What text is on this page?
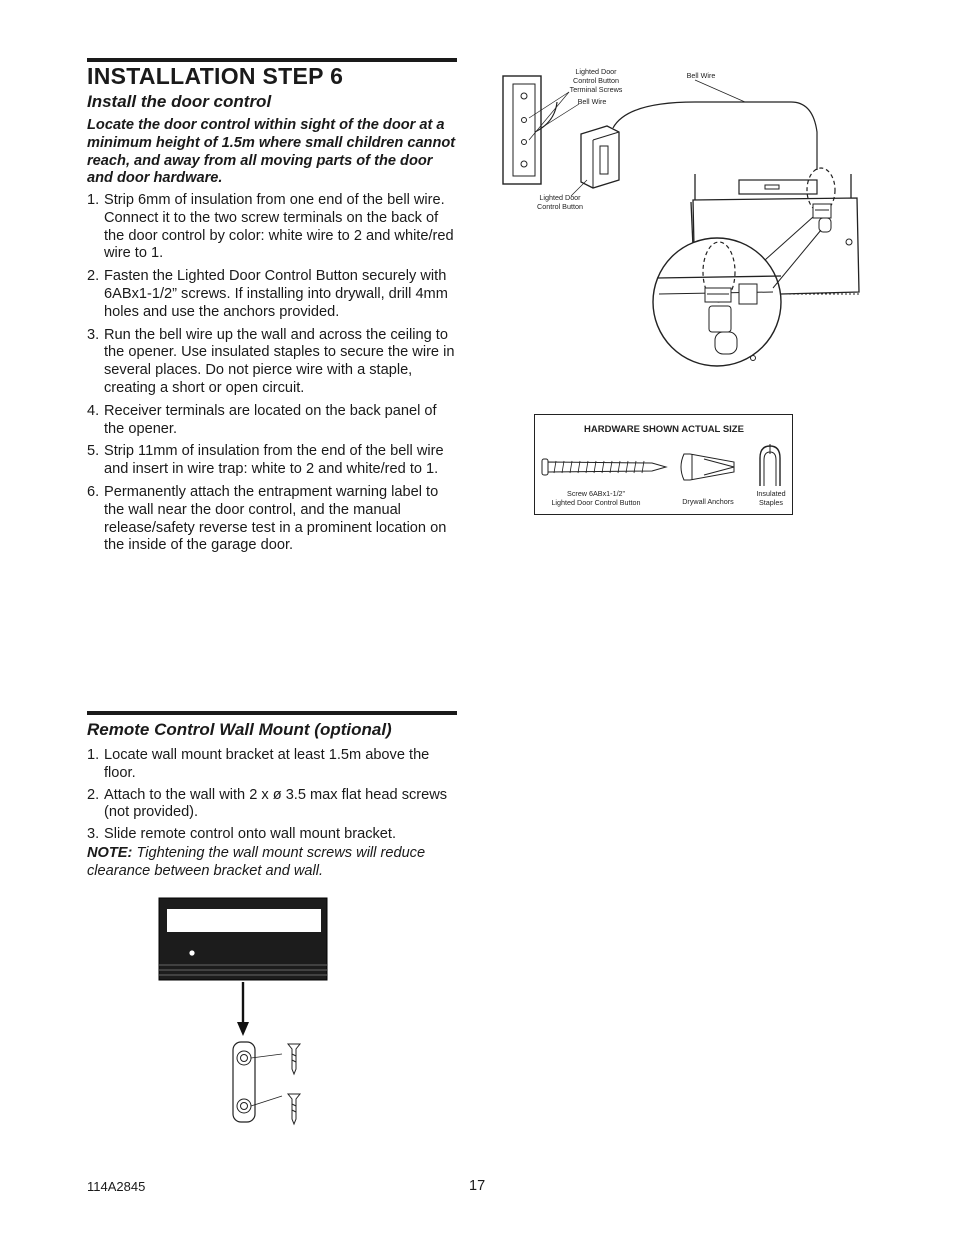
INSTALLATION STEP 6
Install the door control
Locate the door control within sight of the door at a minimum height of 1.5m where small children cannot reach, and away from all moving parts of the door and door hardware.
1. Strip 6mm of insulation from one end of the bell wire. Connect it to the two screw terminals on the back of the door control by color: white wire to 2 and white/red wire to 1.
2. Fasten the Lighted Door Control Button securely with 6ABx1-1/2” screws. If installing into drywall, drill 4mm holes and use the anchors provided.
3. Run the bell wire up the wall and across the ceiling to the opener. Use insulated staples to secure the wire in several places. Do not pierce wire with a staple, creating a short or open circuit.
4. Receiver terminals are located on the back panel of the opener.
5. Strip 11mm of insulation from the end of the bell wire and insert in wire trap: white to 2 and white/red to 1.
6. Permanently attach the entrapment warning label to the wall near the door control, and the manual release/safety reverse test in a prominent location on the inside of the garage door.
Lighted Door
Control Button
Terminal Screws
Bell Wire
Bell Wire
Lighted Door
Control Button
HARDWARE SHOWN ACTUAL SIZE
Screw 6ABx1-1/2”
Lighted Door Control Button	Drywall Anchors
Insulated
Staples
Remote Control Wall Mount (optional)
1. Locate wall mount bracket at least 1.5m above the floor.
2. Attach to the wall with 2 x ø 3.5 max flat head screws (not provided).
3. Slide remote control onto wall mount bracket.
NOTE: Tightening the wall mount screws will reduce clearance between bracket and wall.
114A2845	17
